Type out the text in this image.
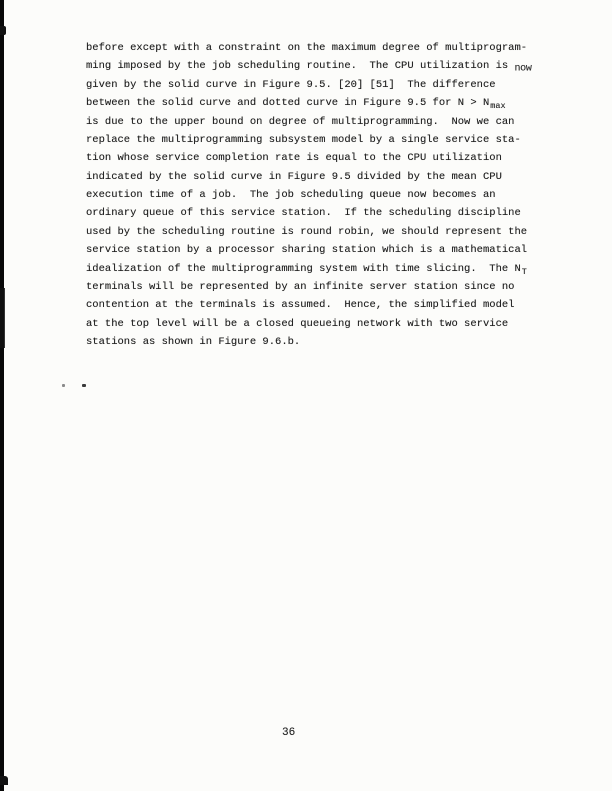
before except with a constraint on the maximum degree of multiprogram-
ming imposed by the job scheduling routine.  The CPU utilization is now
given by the solid curve in Figure 9.5. [20] [51]  The difference
between the solid curve and dotted curve in Figure 9.5 for N > Nmax
is due to the upper bound on degree of multiprogramming.  Now we can
replace the multiprogramming subsystem model by a single service sta-
tion whose service completion rate is equal to the CPU utilization
indicated by the solid curve in Figure 9.5 divided by the mean CPU
execution time of a job.  The job scheduling queue now becomes an
ordinary queue of this service station.  If the scheduling discipline
used by the scheduling routine is round robin, we should represent the
service station by a processor sharing station which is a mathematical
idealization of the multiprogramming system with time slicing.  The NT
terminals will be represented by an infinite server station since no
contention at the terminals is assumed.  Hence, the simplified model
at the top level will be a closed queueing network with two service
stations as shown in Figure 9.6.b.
36
